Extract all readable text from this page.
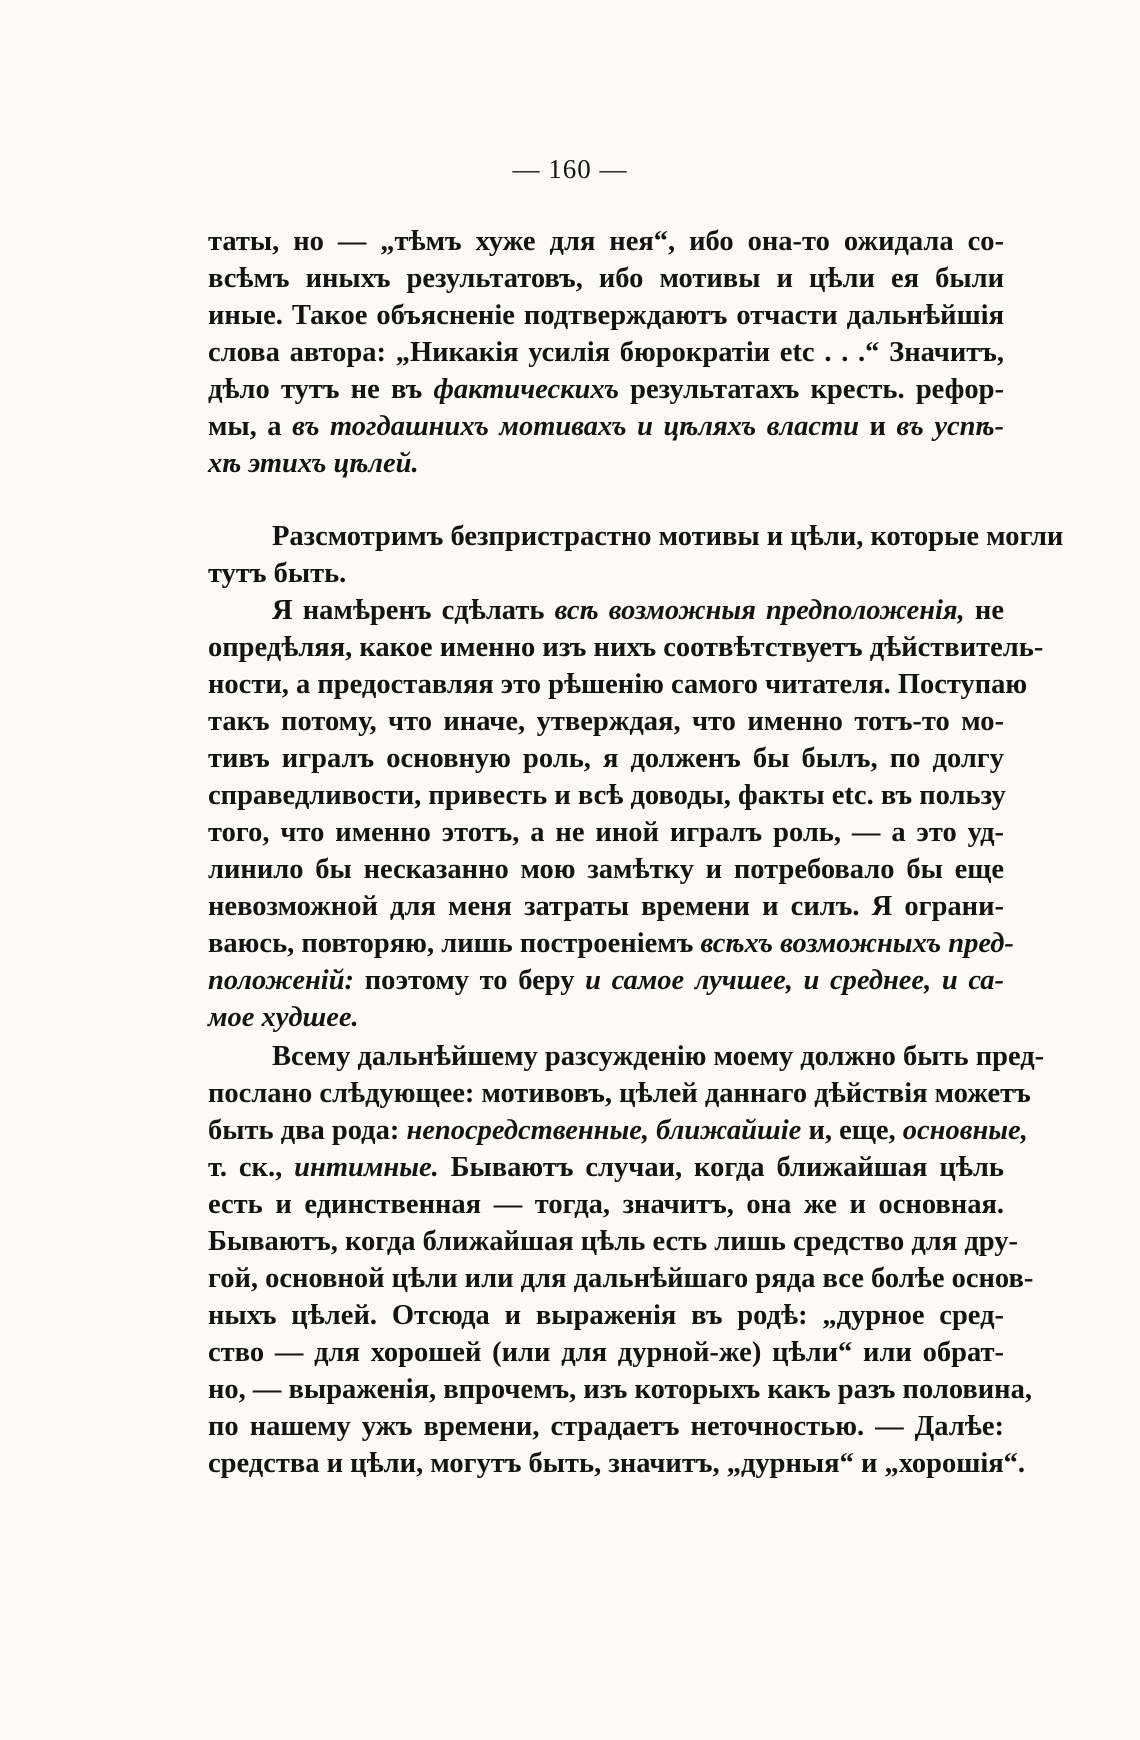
— 160 —
таты, но — „тѣмъ хуже для нея“, ибо она-то ожидала со-
всѣмъ иныхъ результатовъ, ибо мотивы и цѣли ея были
иные. Такое объясненіе подтверждаютъ отчасти дальнѣйшія
слова автора: „Никакія усилія бюрократіи etc . . .“ Значитъ,
дѣло тутъ не въ фактическихъ результатахъ кресть. рефор-
мы, а въ тогдашнихъ мотивахъ и цѣляхъ власти и въ успѣ-
хѣ этихъ цѣлей.
Разсмотримъ безпристрастно мотивы и цѣли, которые могли
тутъ быть.
Я намѣренъ сдѣлать всѣ возможныя предположенія, не
опредѣляя, какое именно изъ нихъ соотвѣтствуетъ дѣйствитель-
ности, а предоставляя это рѣшенію самого читателя. Поступаю
такъ потому, что иначе, утверждая, что именно тотъ-то мо-
тивъ игралъ основную роль, я долженъ бы былъ, по долгу
справедливости, привесть и всѣ доводы, факты etc. въ пользу
того, что именно этотъ, а не иной игралъ роль, — а это уд-
линило бы несказанно мою замѣтку и потребовало бы еще
невозможной для меня затраты времени и силъ. Я ограни-
ваюсь, повторяю, лишь построеніемъ всѣхъ возможныхъ пред-
положеній: поэтому то беру и самое лучшее, и среднее, и са-
мое худшее.
Всему дальнѣйшему разсужденію моему должно быть пред-
послано слѣдующее: мотивовъ, цѣлей даннаго дѣйствія можетъ
быть два рода: непосредственные, ближайшіе и, еще, основные,
т. ск., интимные. Бываютъ случаи, когда ближайшая цѣль
есть и единственная — тогда, значитъ, она же и основная.
Бываютъ, когда ближайшая цѣль есть лишь средство для дру-
гой, основной цѣли или для дальнѣйшаго ряда все болѣе основ-
ныхъ цѣлей. Отсюда и выраженія въ родѣ: „дурное сред-
ство — для хорошей (или для дурной-же) цѣли“ или обрат-
но, — выраженія, впрочемъ, изъ которыхъ какъ разъ половина,
по нашему ужъ времени, страдаетъ неточностью. — Далѣе:
средства и цѣли, могутъ быть, значитъ, „дурныя“ и „хорошія“.
